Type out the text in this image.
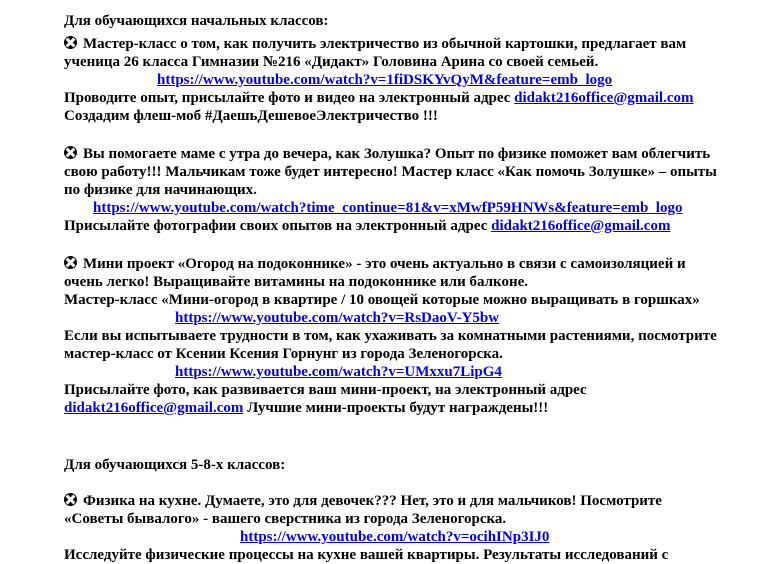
Для обучающихся начальных классов:
Мастер-класс о том, как получить электричество из обычной картошки, предлагает вам
ученица 26 класса Гимназии №216 «Дидакт» Головина Арина со своей семьей.
https://www.youtube.com/watch?v=1fiDSKYvQyM&feature=emb_logo
Проводите опыт, присылайте фото и видео на электронный адрес didakt216office@gmail.com
Создадим флеш-моб #ДаешьДешевоеЭлектричество !!!
Вы помогаете маме с утра до вечера, как Золушка? Опыт по физике поможет вам облегчить
свою работу!!! Мальчикам тоже будет интересно! Мастер класс «Как помочь Золушке» – опыты
по физике для начинающих.
https://www.youtube.com/watch?time_continue=81&v=xMwfP59HNWs&feature=emb_logo
Присылайте фотографии своих опытов на электронный адрес didakt216office@gmail.com
Мини проект «Огород на подоконнике» - это очень актуально в связи с самоизоляцией и
очень легко! Выращивайте витамины на подоконнике или балконе.
Мастер-класс «Мини-огород в квартире / 10 овощей которые можно выращивать в горшках»
https://www.youtube.com/watch?v=RsDaoV-Y5bw
Если вы испытываете трудности в том, как ухаживать за комнатными растениями, посмотрите
мастер-класс от Ксении Ксения Горнунг из города Зеленогорска.
https://www.youtube.com/watch?v=UMxxu7LipG4
Присылайте фото, как развивается ваш мини-проект, на электронный адрес
didakt216office@gmail.com Лучшие мини-проекты будут награждены!!!
Для обучающихся 5-8-х классов:
Физика на кухне. Думаете, это для девочек??? Нет, это и для мальчиков! Посмотрите
«Советы бывалого» - вашего сверстника из города Зеленогорска.
https://www.youtube.com/watch?v=ocihINp3IJ0
Исследуйте физические процессы на кухне вашей квартиры. Результаты исследований с
